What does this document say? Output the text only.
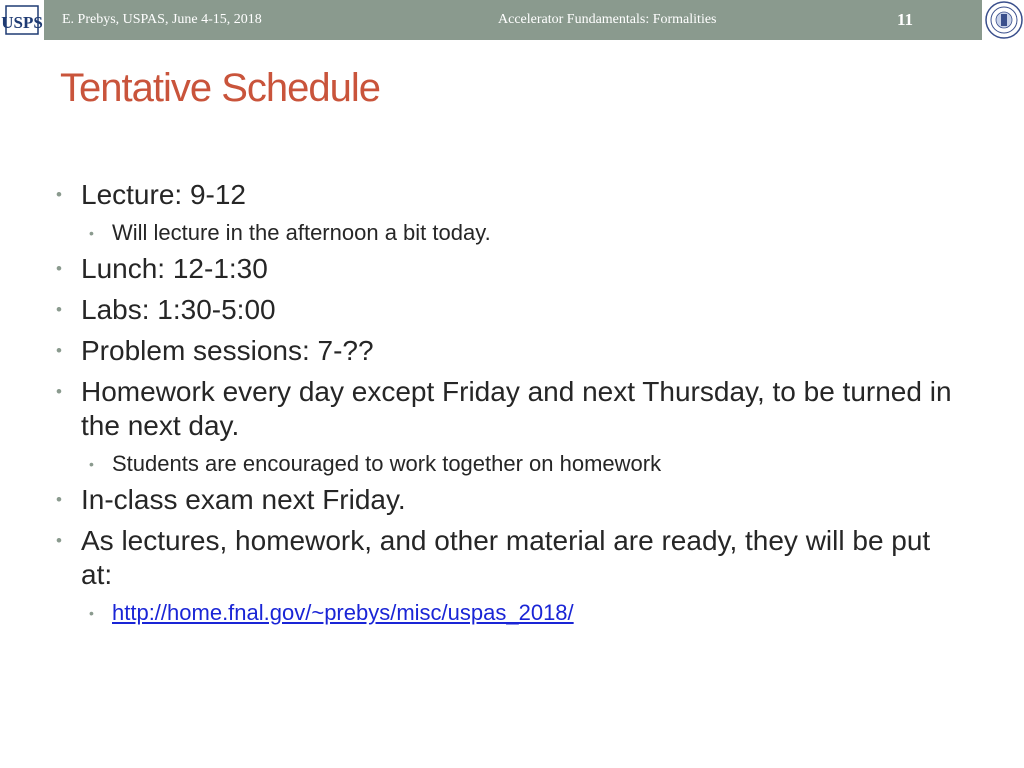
USPS E. Prebys, USPAS, June 4-15, 2018	Accelerator Fundamentals: Formalities	11
Tentative Schedule
• Lecture: 9-12
• Will lecture in the afternoon a bit today.
• Lunch: 12-1:30
• Labs: 1:30-5:00
• Problem sessions: 7-??
• Homework every day except Friday and next Thursday, to be turned in the next day.
• Students are encouraged to work together on homework
• In-class exam next Friday.
• As lectures, homework, and other material are ready, they will be put at:
• http://home.fnal.gov/~prebys/misc/uspas_2018/
